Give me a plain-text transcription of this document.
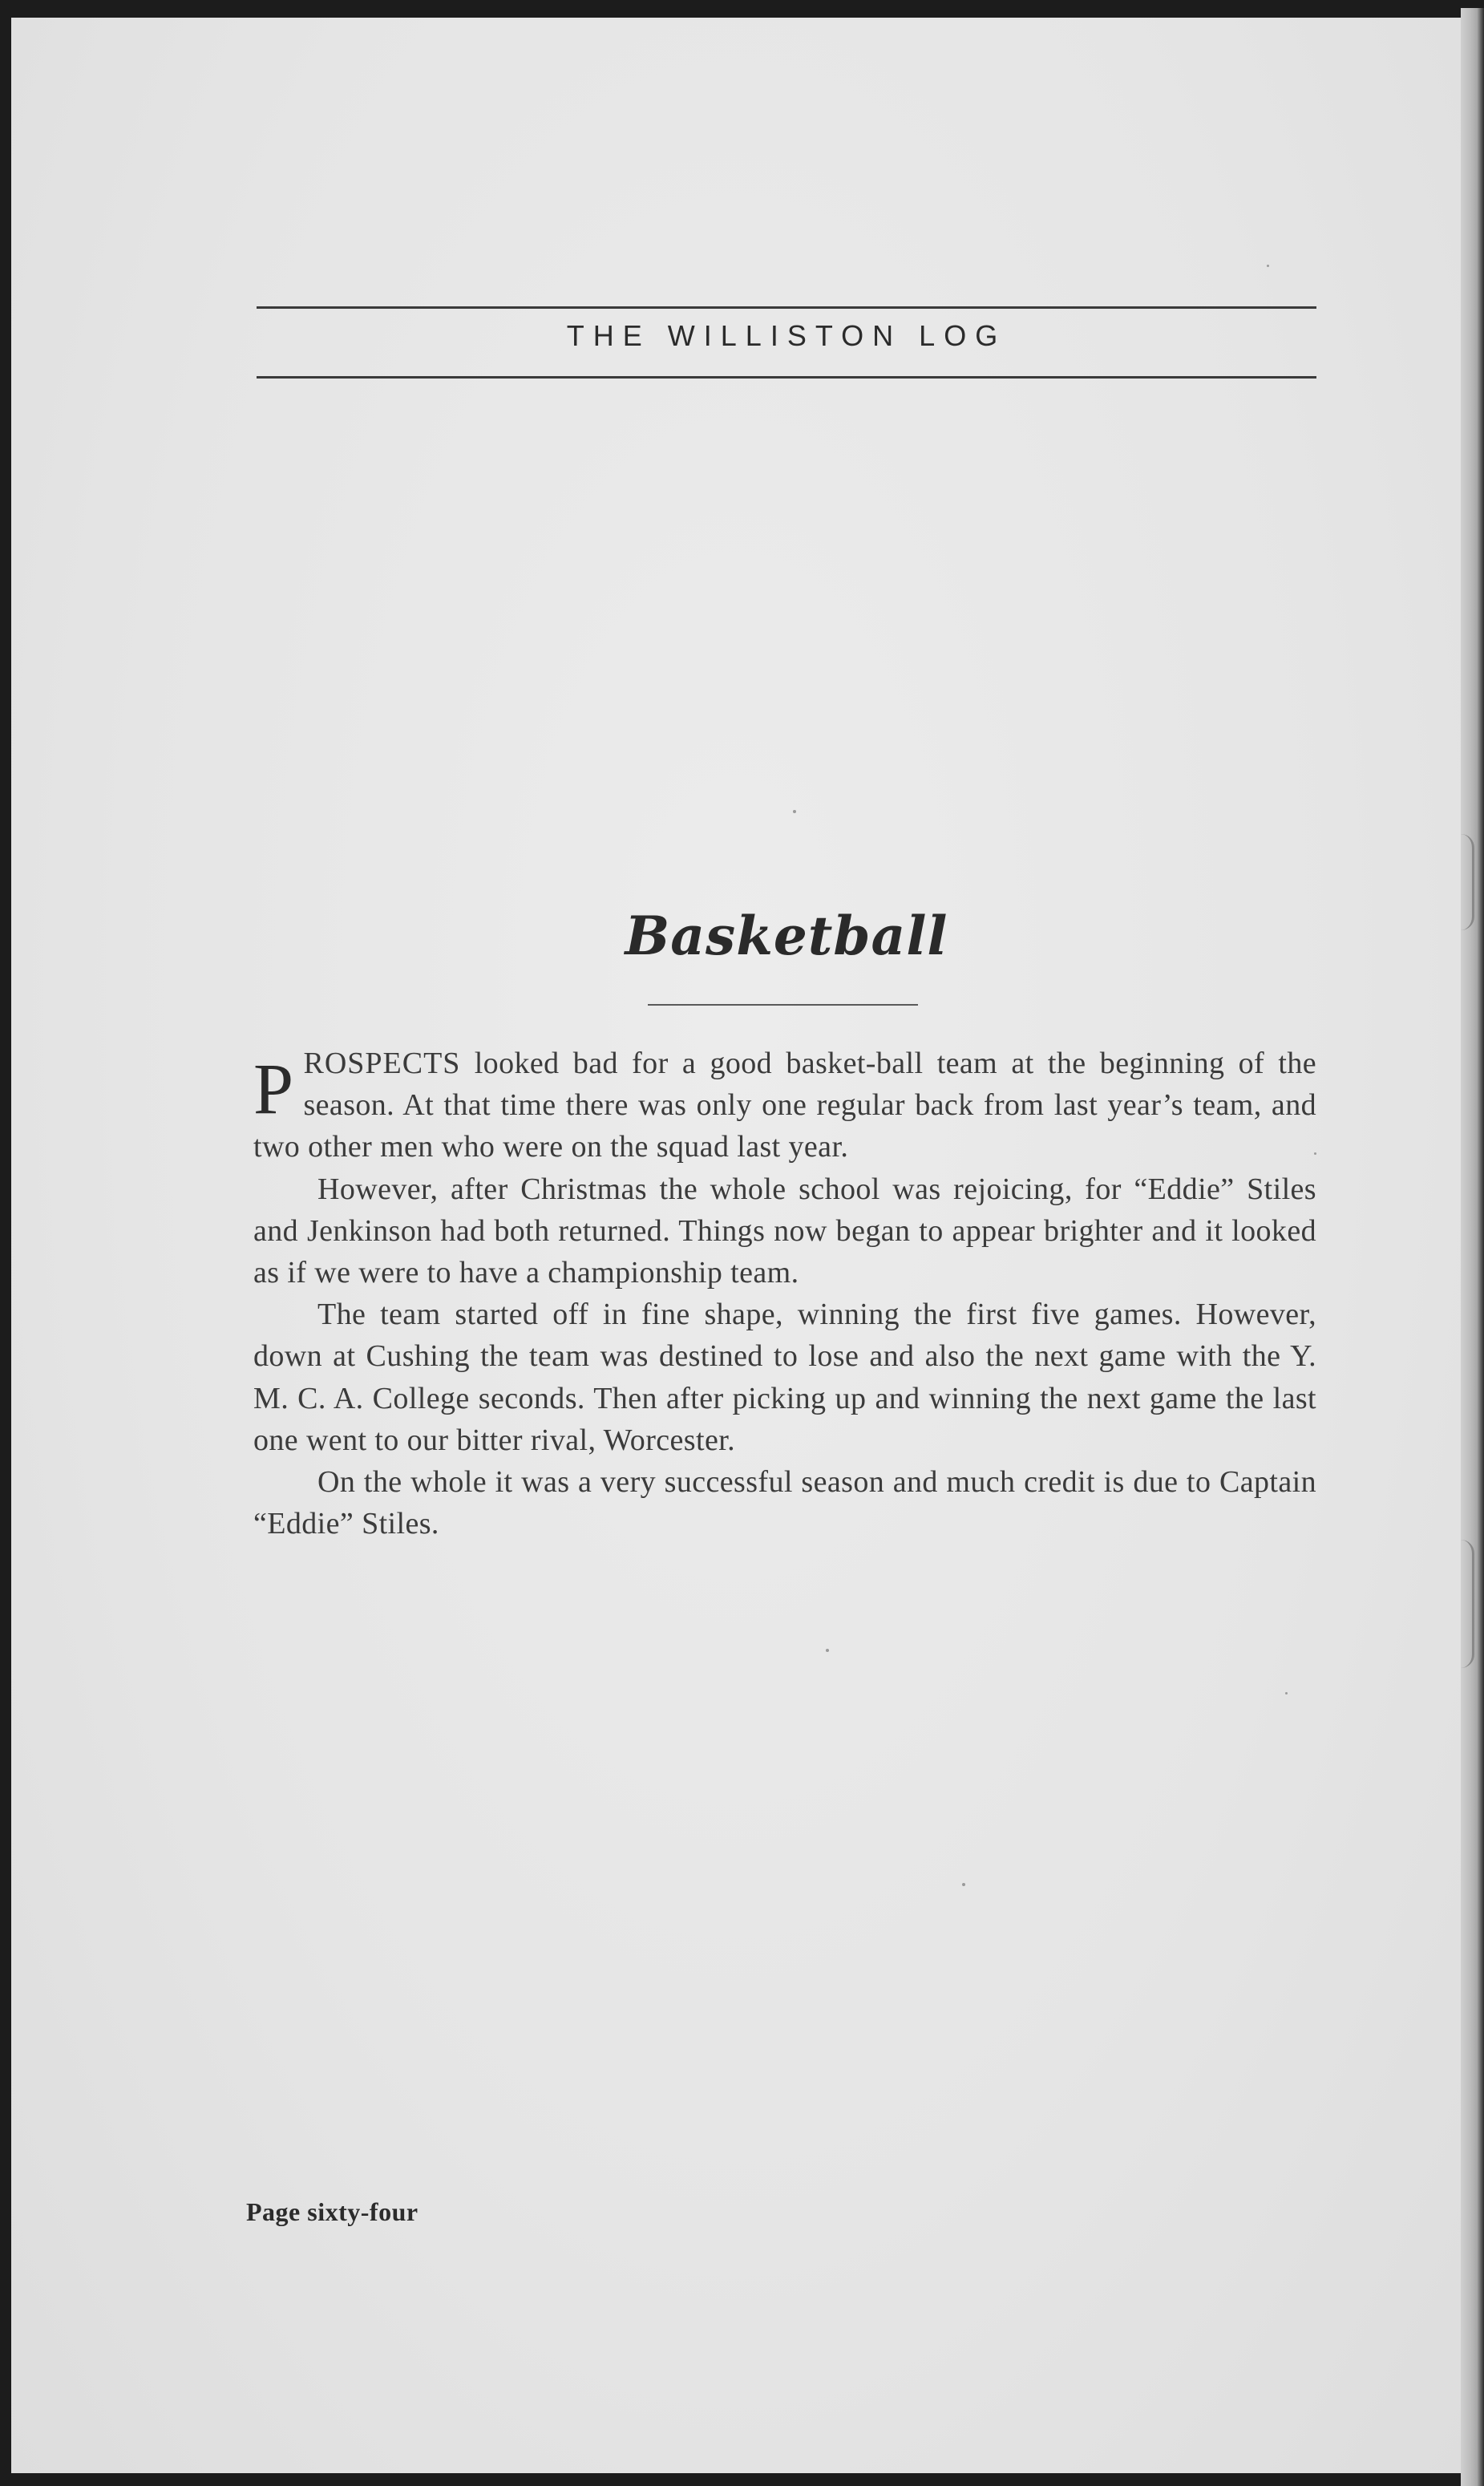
THE WILLISTON LOG
Basketball

PROSPECTS looked bad for a good basket-ball team at the beginning of the season. At that time there was only one regular back from last year’s team, and two other men who were on the squad last year.

However, after Christmas the whole school was rejoicing, for “Eddie” Stiles and Jenkinson had both returned. Things now began to appear brighter and it looked as if we were to have a championship team.

The team started off in fine shape, winning the first five games. However, down at Cushing the team was destined to lose and also the next game with the Y. M. C. A. College seconds. Then after picking up and winning the next game the last one went to our bitter rival, Worcester.

On the whole it was a very successful season and much credit is due to Captain “Eddie” Stiles.

Page sixty-four
